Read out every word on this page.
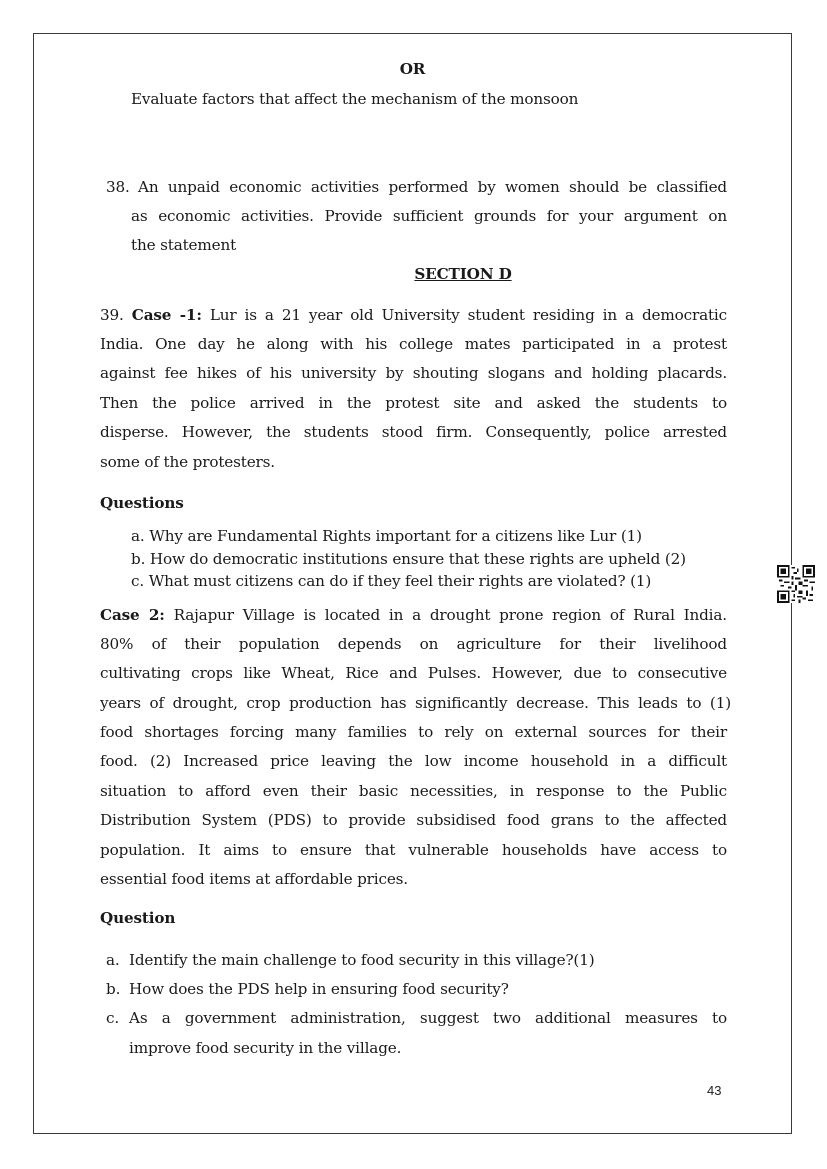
OR
Evaluate factors that affect the mechanism of the monsoon
38. An unpaid economic activities performed by women should be classified
as economic activities. Provide sufficient grounds for your argument on
the statement
SECTION D
39. Case -1: Lur is a 21 year old University student residing in a democratic
India. One day he along with his college mates participated in a protest
against fee hikes of his university by shouting slogans and holding placards.
Then the police arrived in the protest site and asked the students to
disperse. However, the students stood firm. Consequently, police arrested
some of the protesters.
Questions
a. Why are Fundamental Rights important for a citizens like Lur (1)
b. How do democratic institutions ensure that these rights are upheld (2)
c. What must citizens can do if they feel their rights are violated? (1)
Case 2: Rajapur Village is located in a drought prone region of Rural India.
80% of their population depends on agriculture for their livelihood
cultivating crops like Wheat, Rice and Pulses. However, due to consecutive
years of drought, crop production has significantly decrease. This leads to (1)
food shortages forcing many families to rely on external sources for their
food. (2) Increased price leaving the low income household in a difficult
situation to afford even their basic necessities, in response to the Public
Distribution System (PDS) to provide subsidised food grans to the affected
population. It aims to ensure that vulnerable households have access to
essential food items at affordable prices.
Question
a. Identify the main challenge to food security in this village?(1)
b. How does the PDS help in ensuring food security?
c. As a government administration, suggest two additional measures to
improve food security in the village.
43
